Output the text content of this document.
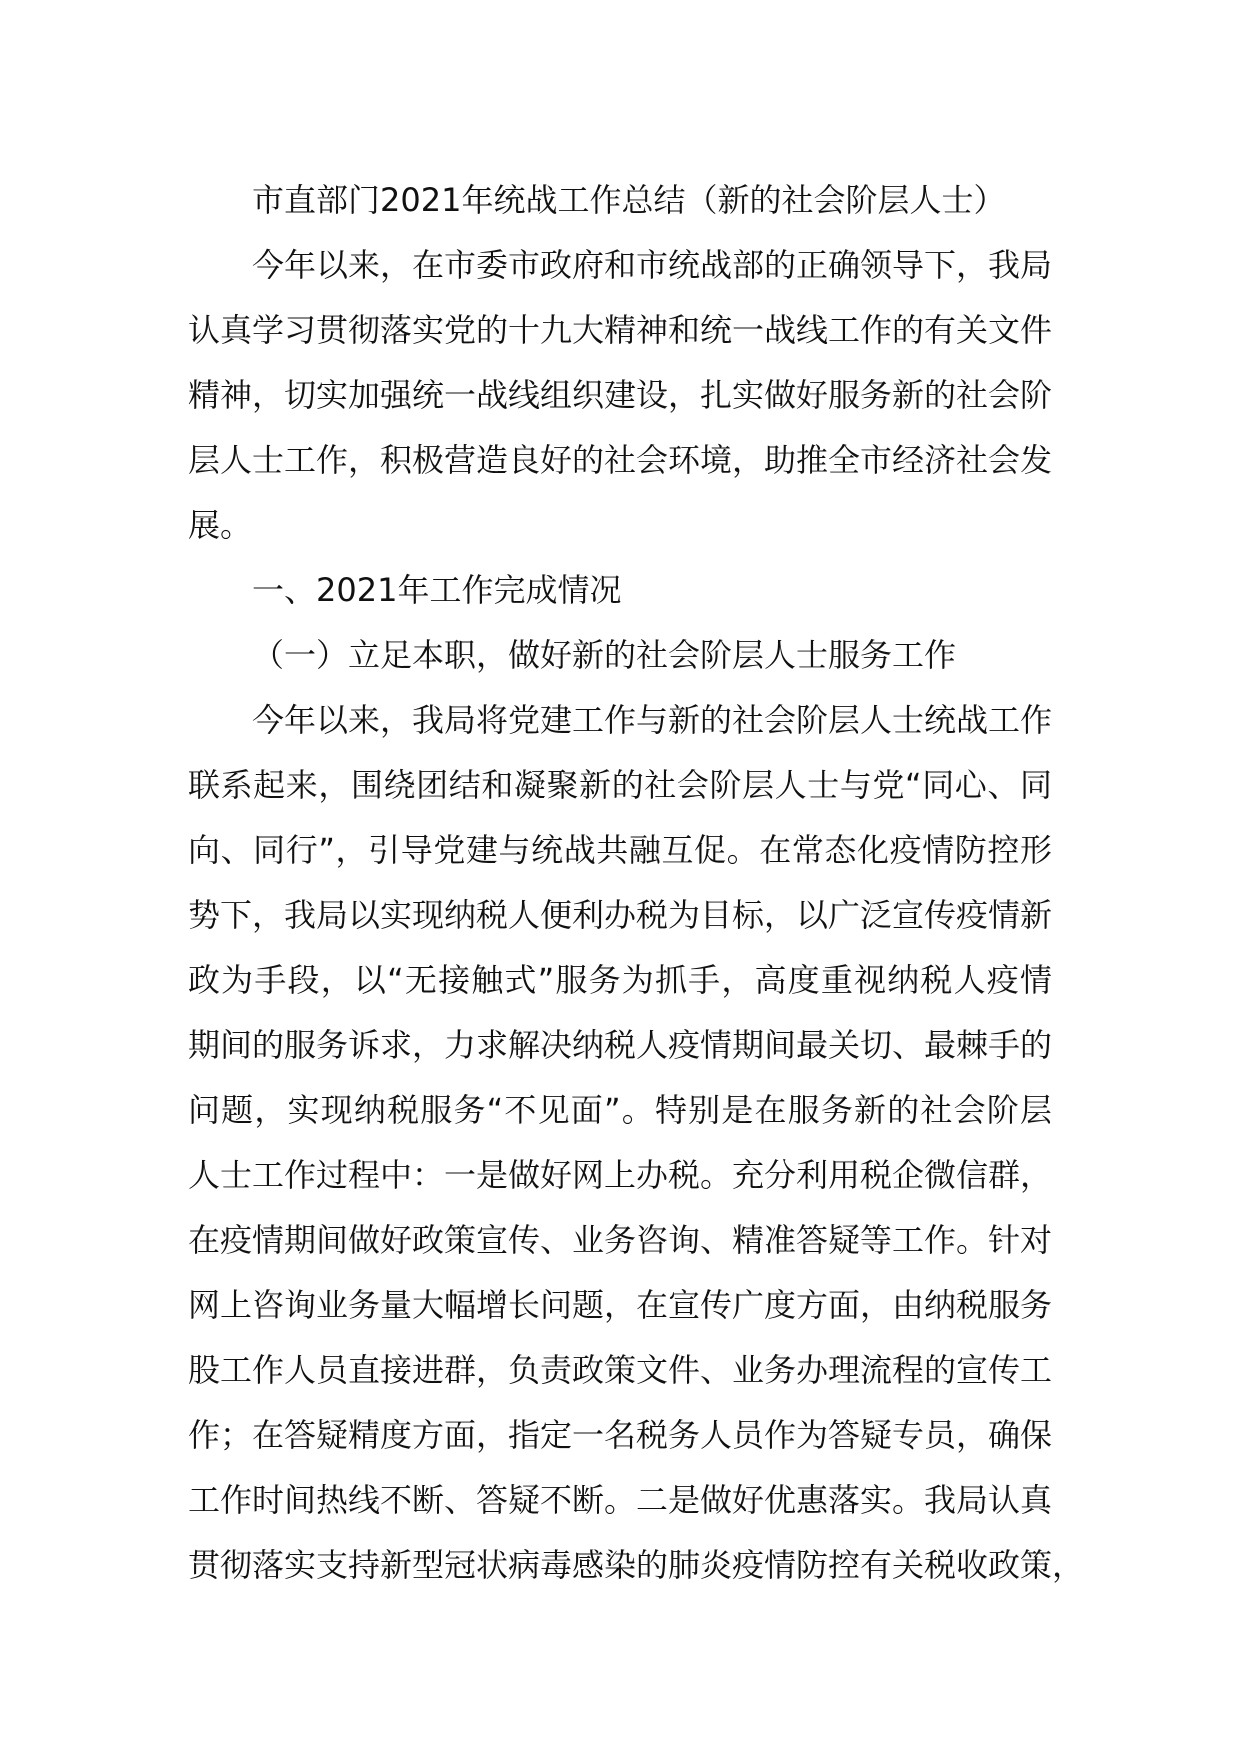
市直部门2021年统战工作总结（新的社会阶层人士）
今年以来，在市委市政府和市统战部的正确领导下，我局
认真学习贯彻落实党的十九大精神和统一战线工作的有关文件
精神，切实加强统一战线组织建设，扎实做好服务新的社会阶
层人士工作，积极营造良好的社会环境，助推全市经济社会发
展。
一、2021年工作完成情况
（一）立足本职，做好新的社会阶层人士服务工作
今年以来，我局将党建工作与新的社会阶层人士统战工作
联系起来，围绕团结和凝聚新的社会阶层人士与党“同心、同
向、同行”，引导党建与统战共融互促。在常态化疫情防控形
势下，我局以实现纳税人便利办税为目标，以广泛宣传疫情新
政为手段，以“无接触式”服务为抓手，高度重视纳税人疫情
期间的服务诉求，力求解决纳税人疫情期间最关切、最棘手的
问题，实现纳税服务“不见面”。特别是在服务新的社会阶层
人士工作过程中：一是做好网上办税。充分利用税企微信群，
在疫情期间做好政策宣传、业务咨询、精准答疑等工作。针对
网上咨询业务量大幅增长问题，在宣传广度方面，由纳税服务
股工作人员直接进群，负责政策文件、业务办理流程的宣传工
作；在答疑精度方面，指定一名税务人员作为答疑专员，确保
工作时间热线不断、答疑不断。二是做好优惠落实。我局认真
贯彻落实支持新型冠状病毒感染的肺炎疫情防控有关税收政策，
